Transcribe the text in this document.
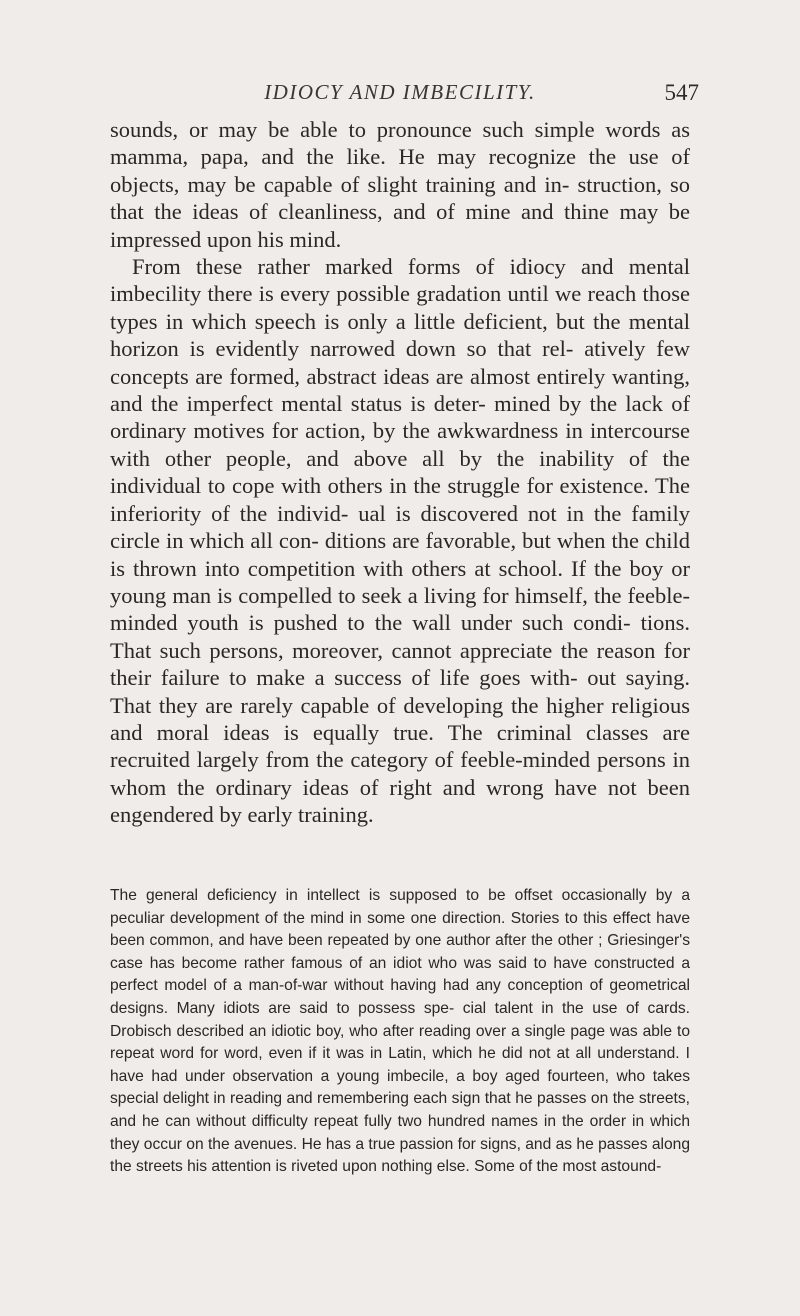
IDIOCY AND IMBECILITY.	547

sounds, or may be able to pronounce such simple words as mamma, papa, and the like. He may recognize the use of objects, may be capable of slight training and in- struction, so that the ideas of cleanliness, and of mine and thine may be impressed upon his mind.

From these rather marked forms of idiocy and mental imbecility there is every possible gradation until we reach those types in which speech is only a little deficient, but the mental horizon is evidently narrowed down so that rel- atively few concepts are formed, abstract ideas are almost entirely wanting, and the imperfect mental status is deter- mined by the lack of ordinary motives for action, by the awkwardness in intercourse with other people, and above all by the inability of the individual to cope with others in the struggle for existence. The inferiority of the individ- ual is discovered not in the family circle in which all con- ditions are favorable, but when the child is thrown into competition with others at school. If the boy or young man is compelled to seek a living for himself, the feeble- minded youth is pushed to the wall under such condi- tions. That such persons, moreover, cannot appreciate the reason for their failure to make a success of life goes with- out saying. That they are rarely capable of developing the higher religious and moral ideas is equally true. The criminal classes are recruited largely from the category of feeble-minded persons in whom the ordinary ideas of right and wrong have not been engendered by early training.

The general deficiency in intellect is supposed to be offset occasionally by a peculiar development of the mind in some one direction. Stories to this effect have been common, and have been repeated by one author after the other ; Griesinger's case has become rather famous of an idiot who was said to have constructed a perfect model of a man-of-war without having had any conception of geometrical designs. Many idiots are said to possess spe- cial talent in the use of cards. Drobisch described an idiotic boy, who after reading over a single page was able to repeat word for word, even if it was in Latin, which he did not at all understand. I have had under observation a young imbecile, a boy aged fourteen, who takes special delight in reading and remembering each sign that he passes on the streets, and he can without difficulty repeat fully two hundred names in the order in which they occur on the avenues. He has a true passion for signs, and as he passes along the streets his attention is riveted upon nothing else. Some of the most astound-
